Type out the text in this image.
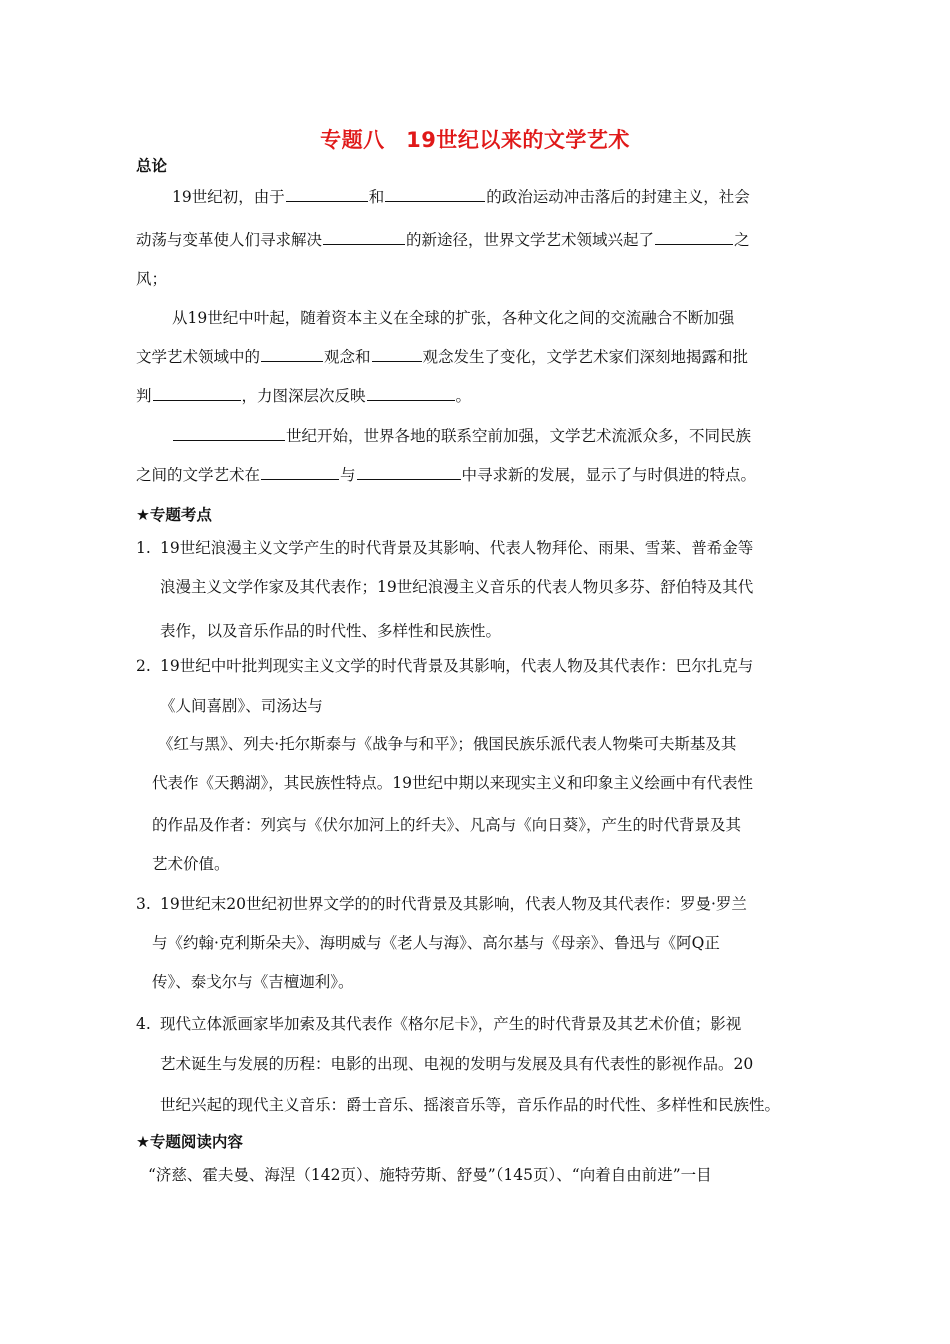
专题八　19世纪以来的文学艺术
总论
19世纪初，由于	和	的政治运动冲击落后的封建主义，社会
动荡与变革使人们寻求解决	的新途径，世界文学艺术领域兴起了	之
风；
从19世纪中叶起，随着资本主义在全球的扩张，各种文化之间的交流融合不断加强
文学艺术领域中的	观念和	观念发生了变化，文学艺术家们深刻地揭露和批
判	，力图深层次反映	。
世纪开始，世界各地的联系空前加强，文学艺术流派众多，不同民族
之间的文学艺术在	与	中寻求新的发展，显示了与时俱进的特点。
★专题考点
1. 19世纪浪漫主义文学产生的时代背景及其影响、代表人物拜伦、雨果、雪莱、普希金等
浪漫主义文学作家及其代表作；19世纪浪漫主义音乐的代表人物贝多芬、舒伯特及其代
表作，以及音乐作品的时代性、多样性和民族性。
2. 19世纪中叶批判现实主义文学的时代背景及其影响，代表人物及其代表作：巴尔扎克与
《人间喜剧》、司汤达与
《红与黑》、列夫·托尔斯泰与《战争与和平》；俄国民族乐派代表人物柴可夫斯基及其
代表作《天鹅湖》，其民族性特点。19世纪中期以来现实主义和印象主义绘画中有代表性
的作品及作者：列宾与《伏尔加河上的纤夫》、凡高与《向日葵》，产生的时代背景及其
艺术价值。
3. 19世纪末20世纪初世界文学的的时代背景及其影响，代表人物及其代表作：罗曼·罗兰
与《约翰·克利斯朵夫》、海明威与《老人与海》、高尔基与《母亲》、鲁迅与《阿Q正
传》、泰戈尔与《吉檀迦利》。
4. 现代立体派画家毕加索及其代表作《格尔尼卡》，产生的时代背景及其艺术价值；影视
艺术诞生与发展的历程：电影的出现、电视的发明与发展及具有代表性的影视作品。20
世纪兴起的现代主义音乐：爵士音乐、摇滚音乐等，音乐作品的时代性、多样性和民族性。
★专题阅读内容
“济慈、霍夫曼、海涅（142页）、施特劳斯、舒曼”（145页）、“向着自由前进”一目
